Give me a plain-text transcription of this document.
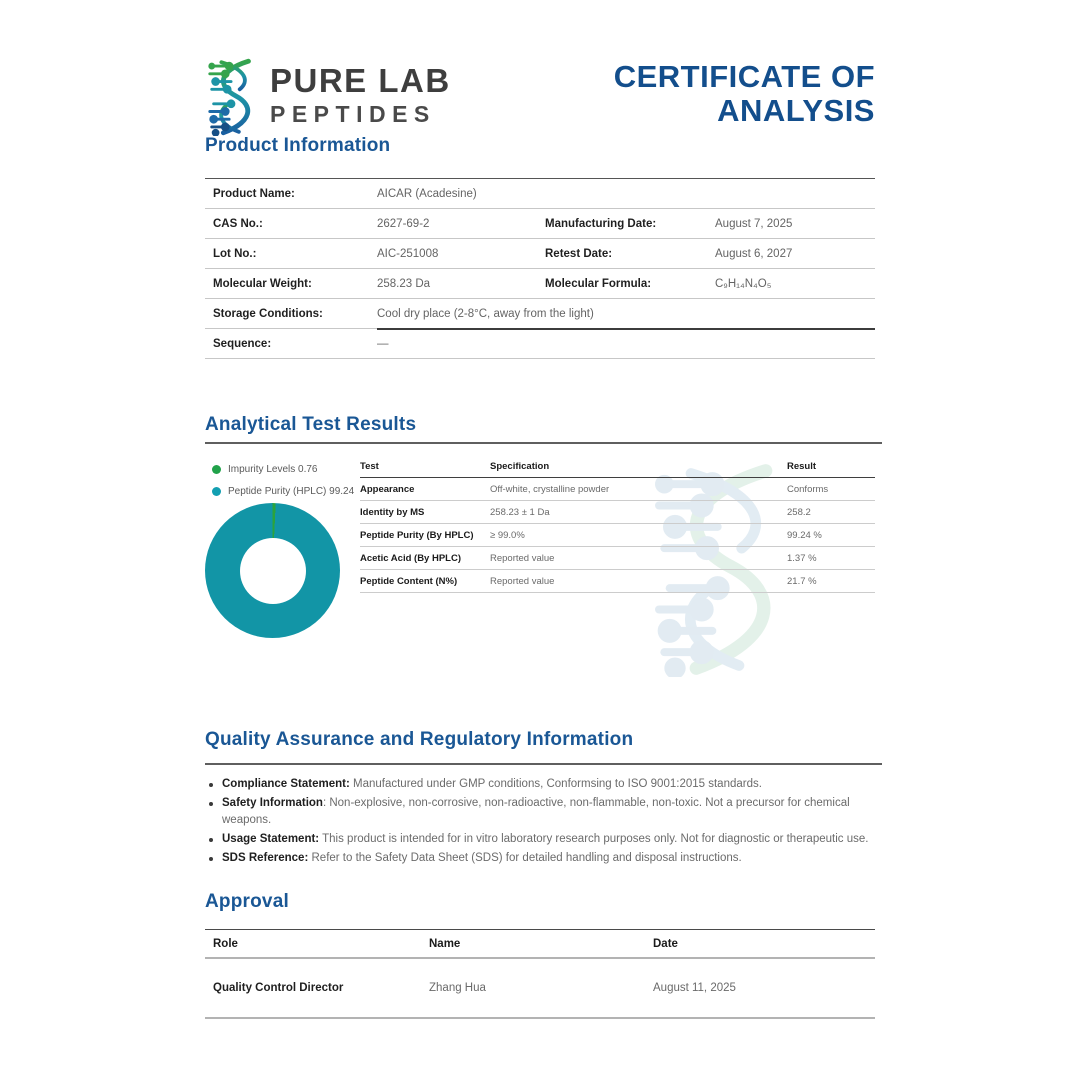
PURE LAB
PEPTIDES
CERTIFICATE OF
ANALYSIS
Product Information
Product Name:	AICAR (Acadesine)
CAS No.:	2627-69-2	Manufacturing Date:	August 7, 2025
Lot No.:	AIC-251008	Retest Date:	August 6, 2027
Molecular Weight:	258.23 Da	Molecular Formula:	C₉H₁₄N₄O₅
Storage Conditions:	Cool dry place (2-8°C, away from the light)
Sequence:	—
Analytical Test Results
Impurity Levels 0.76
Peptide Purity (HPLC) 99.24
Test	Specification	Result
Appearance	Off-white, crystalline powder	Conforms
Identity by MS	258.23 ± 1 Da	258.2
Peptide Purity (By HPLC)	≥ 99.0%	99.24 %
Acetic Acid (By HPLC)	Reported value	1.37 %
Peptide Content (N%)	Reported value	21.7 %
Quality Assurance and Regulatory Information
Compliance Statement: Manufactured under GMP conditions, Conformsing to ISO 9001:2015 standards.
Safety Information: Non-explosive, non-corrosive, non-radioactive, non-flammable, non-toxic. Not a precursor for chemical weapons.
Usage Statement: This product is intended for in vitro laboratory research purposes only. Not for diagnostic or therapeutic use.
SDS Reference: Refer to the Safety Data Sheet (SDS) for detailed handling and disposal instructions.
Approval
Role	Name	Date
Quality Control Director	Zhang Hua	August 11, 2025
